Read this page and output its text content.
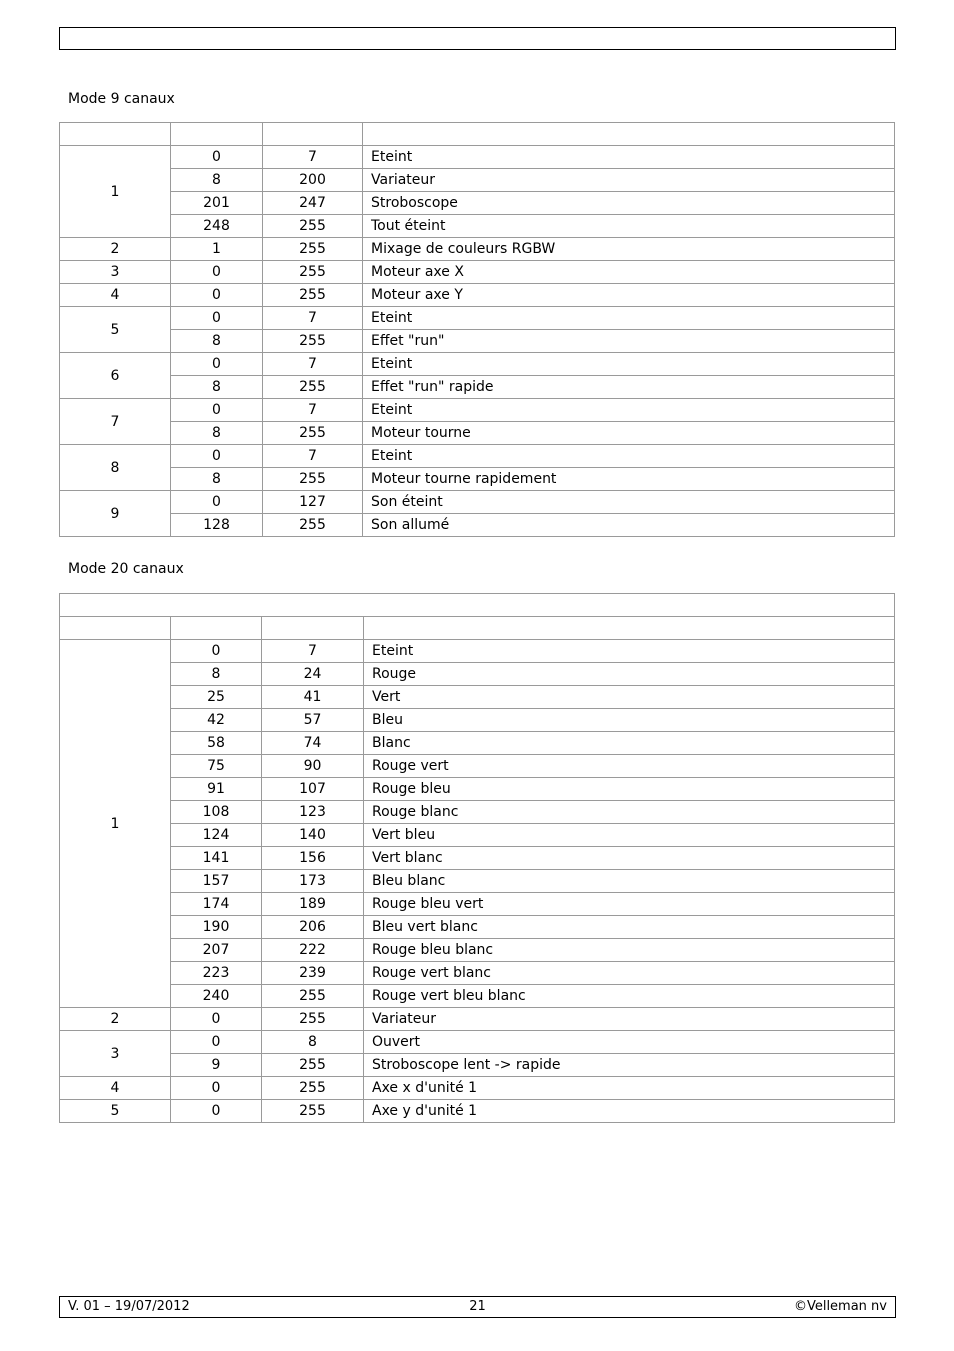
Mode 9 canaux

1	0	7	Eteint
	8	200	Variateur
	201	247	Stroboscope
	248	255	Tout éteint
2	1	255	Mixage de couleurs RGBW
3	0	255	Moteur axe X
4	0	255	Moteur axe Y
5	0	7	Eteint
	8	255	Effet "run"
6	0	7	Eteint
	8	255	Effet "run" rapide
7	0	7	Eteint
	8	255	Moteur tourne
8	0	7	Eteint
	8	255	Moteur tourne rapidement
9	0	127	Son éteint
	128	255	Son allumé
Mode 20 canaux

1	0	7	Eteint
	8	24	Rouge
	25	41	Vert
	42	57	Bleu
	58	74	Blanc
	75	90	Rouge vert
	91	107	Rouge bleu
	108	123	Rouge blanc
	124	140	Vert bleu
	141	156	Vert blanc
	157	173	Bleu blanc
	174	189	Rouge bleu vert
	190	206	Bleu vert blanc
	207	222	Rouge bleu blanc
	223	239	Rouge vert blanc
	240	255	Rouge vert bleu blanc
2	0	255	Variateur
3	0	8	Ouvert
	9	255	Stroboscope lent -> rapide
4	0	255	Axe x d'unité 1
5	0	255	Axe y d'unité 1
V. 01 – 19/07/2012	21	©Velleman nv
